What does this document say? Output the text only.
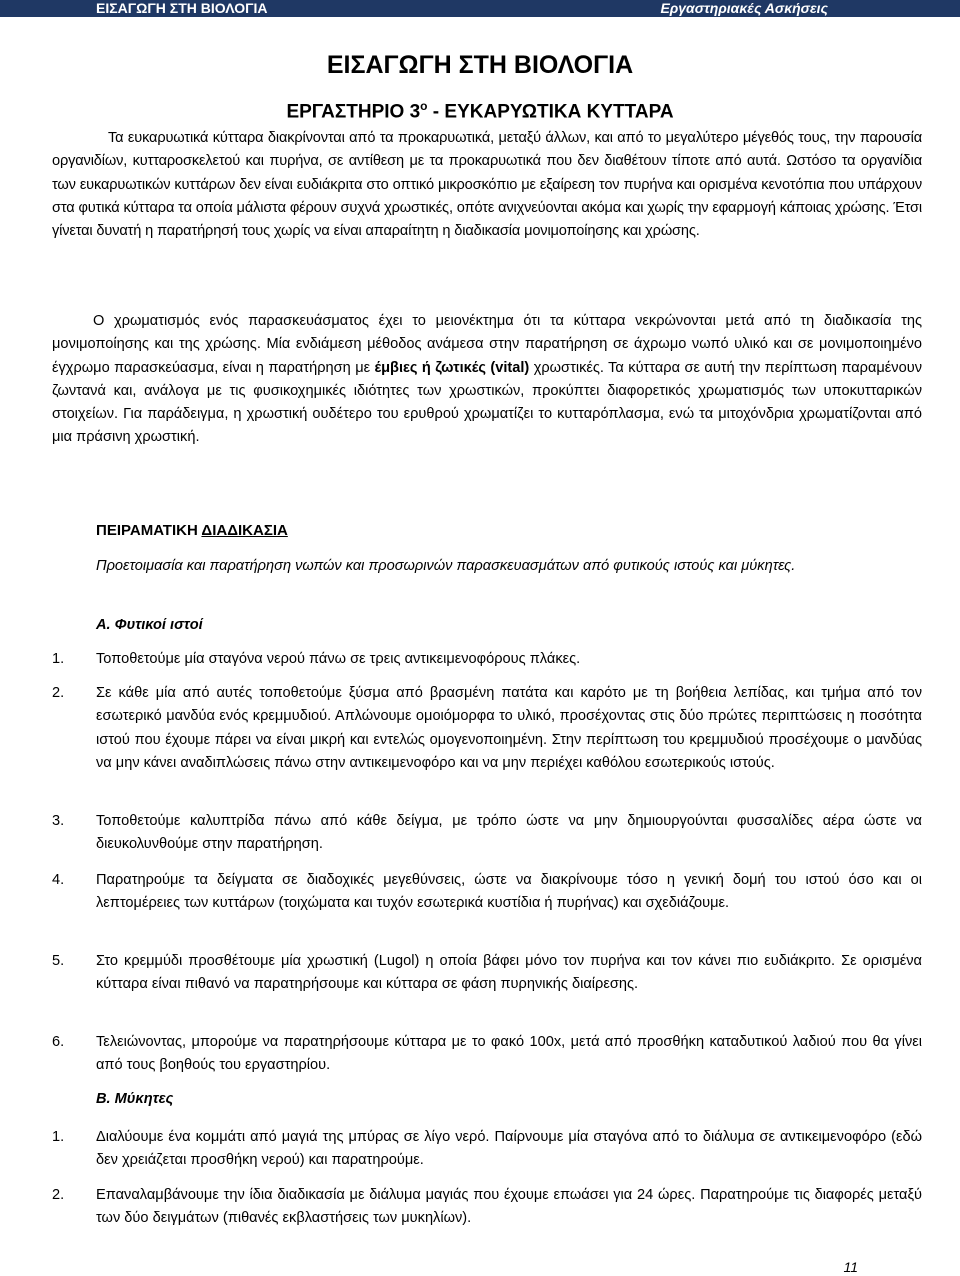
ΕΙΣΑΓΩΓΗ ΣΤΗ ΒΙΟΛΟΓΙΑ	Εργαστηριακές Ασκήσεις
ΕΙΣΑΓΩΓΗ ΣΤΗ ΒΙΟΛΟΓΙΑ
ΕΡΓΑΣΤΗΡΙΟ $3^o$ - ΕΥΚΑΡΥΩΤΙΚΑ ΚΥΤΤΑΡΑ

Τα ευκαρυωτικά κύτταρα διακρίνονται από τα προκαρυωτικά, μεταξύ άλλων, και από το μεγαλύτερο μέγεθός τους, την παρουσία οργανιδίων, κυτταροσκελετού και πυρήνα, σε αντίθεση με τα προκαρυωτικά που δεν διαθέτουν τίποτε από αυτά. Ωστόσο τα οργανίδια των ευκαρυωτικών κυττάρων δεν είναι ευδιάκριτα στο οπτικό μικροσκόπιο με εξαίρεση τον πυρήνα και ορισμένα κενοτόπια που υπάρχουν στα φυτικά κύτταρα τα οποία μάλιστα φέρουν συχνά χρωστικές, οπότε ανιχνεύονται ακόμα και χωρίς την εφαρμογή κάποιας χρώσης. Έτσι γίνεται δυνατή η παρατήρησή τους χωρίς να είναι απαραίτητη η διαδικασία μονιμοποίησης και χρώσης.

Ο χρωματισμός ενός παρασκευάσματος έχει το μειονέκτημα ότι τα κύτταρα νεκρώνονται μετά από τη διαδικασία της μονιμοποίησης και της χρώσης. Μία ενδιάμεση μέθοδος ανάμεσα στην παρατήρηση σε άχρωμο νωπό υλικό και σε μονιμοποιημένο έγχρωμο παρασκεύασμα, είναι η παρατήρηση με έμβιες ή ζωτικές (vital) χρωστικές. Τα κύτταρα σε αυτή την περίπτωση παραμένουν ζωντανά και, ανάλογα με τις φυσικοχημικές ιδιότητες των χρωστικών, προκύπτει διαφορετικός χρωματισμός των υποκυτταρικών στοιχείων. Για παράδειγμα, η χρωστική ουδέτερο του ερυθρού χρωματίζει το κυτταρόπλασμα, ενώ τα μιτοχόνδρια χρωματίζονται από μια πράσινη χρωστική.

ΠΕΙΡΑΜΑΤΙΚΗ ΔΙΑΔΙΚΑΣΙΑ

Προετοιμασία και παρατήρηση νωπών και προσωρινών παρασκευασμάτων από φυτικούς ιστούς και μύκητες.

Α. Φυτικοί ιστοί
1. Τοποθετούμε μία σταγόνα νερού πάνω σε τρεις αντικειμενοφόρους πλάκες.
2. Σε κάθε μία από αυτές τοποθετούμε ξύσμα από βρασμένη πατάτα και καρότο με τη βοήθεια λεπίδας, και τμήμα από τον εσωτερικό μανδύα ενός κρεμμυδιού. Απλώνουμε ομοιόμορφα το υλικό, προσέχοντας στις δύο πρώτες περιπτώσεις η ποσότητα ιστού που έχουμε πάρει να είναι μικρή και εντελώς ομογενοποιημένη. Στην περίπτωση του κρεμμυδιού προσέχουμε ο μανδύας να μην κάνει αναδιπλώσεις πάνω στην αντικειμενοφόρο και να μην περιέχει καθόλου εσωτερικούς ιστούς.
3. Τοποθετούμε καλυπτρίδα πάνω από κάθε δείγμα, με τρόπο ώστε να μην δημιουργούνται φυσσαλίδες αέρα ώστε να διευκολυνθούμε στην παρατήρηση.
4. Παρατηρούμε τα δείγματα σε διαδοχικές μεγεθύνσεις, ώστε να διακρίνουμε τόσο η γενική δομή του ιστού όσο και οι λεπτομέρειες των κυττάρων (τοιχώματα και τυχόν εσωτερικά κυστίδια ή πυρήνας) και σχεδιάζουμε.
5. Στο κρεμμύδι προσθέτουμε μία χρωστική (Lugol) η οποία βάφει μόνο τον πυρήνα και τον κάνει πιο ευδιάκριτο. Σε ορισμένα κύτταρα είναι πιθανό να παρατηρήσουμε και κύτταρα σε φάση πυρηνικής διαίρεσης.
6. Τελειώνοντας, μπορούμε να παρατηρήσουμε κύτταρα με το φακό 100x, μετά από προσθήκη καταδυτικού λαδιού που θα γίνει από τους βοηθούς του εργαστηρίου.
Β. Μύκητες
1. Διαλύουμε ένα κομμάτι από μαγιά της μπύρας σε λίγο νερό. Παίρνουμε μία σταγόνα από το διάλυμα σε αντικειμενοφόρο (εδώ δεν χρειάζεται προσθήκη νερού) και παρατηρούμε.
2. Επαναλαμβάνουμε την ίδια διαδικασία με διάλυμα μαγιάς που έχουμε επωάσει για 24 ώρες. Παρατηρούμε τις διαφορές μεταξύ των δύο δειγμάτων (πιθανές εκβλαστήσεις των μυκηλίων).
11
